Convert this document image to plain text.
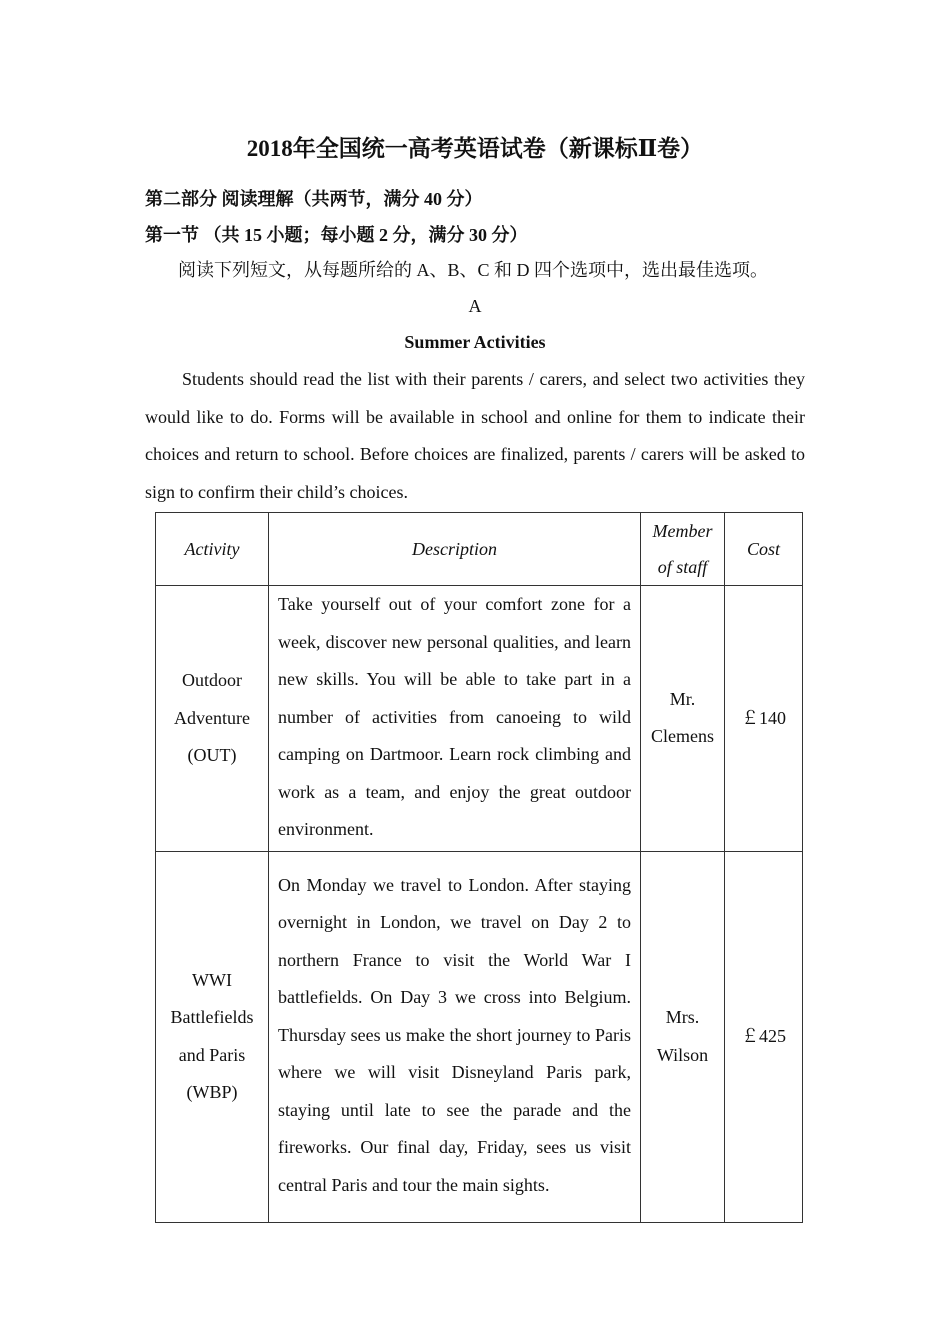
2018年全国统一高考英语试卷（新课标Ⅱ卷）
第二部分 阅读理解（共两节，满分 40 分）
第一节 （共 15 小题；每小题 2 分，满分 30 分）
阅读下列短文，从每题所给的 A、B、C 和 D 四个选项中，选出最佳选项。
A
Summer Activities
Students should read the list with their parents / carers, and select two activities they would like to do. Forms will be available in school and online for them to indicate their choices and return to school. Before choices are finalized, parents / carers will be asked to sign to confirm their child’s choices.
Activity	Description	Member of staff	Cost
Outdoor Adventure (OUT)	Take yourself out of your comfort zone for a week, discover new personal qualities, and learn new skills. You will be able to take part in a number of activities from canoeing to wild camping on Dartmoor. Learn rock climbing and work as a team, and enjoy the great outdoor environment.	Mr. Clemens	￡140
WWI Battlefields and Paris (WBP)	On Monday we travel to London. After staying overnight in London, we travel on Day 2 to northern France to visit the World War I battlefields. On Day 3 we cross into Belgium. Thursday sees us make the short journey to Paris where we will visit Disneyland Paris park, staying until late to see the parade and the fireworks. Our final day, Friday, sees us visit central Paris and tour the main sights.	Mrs. Wilson	￡425
